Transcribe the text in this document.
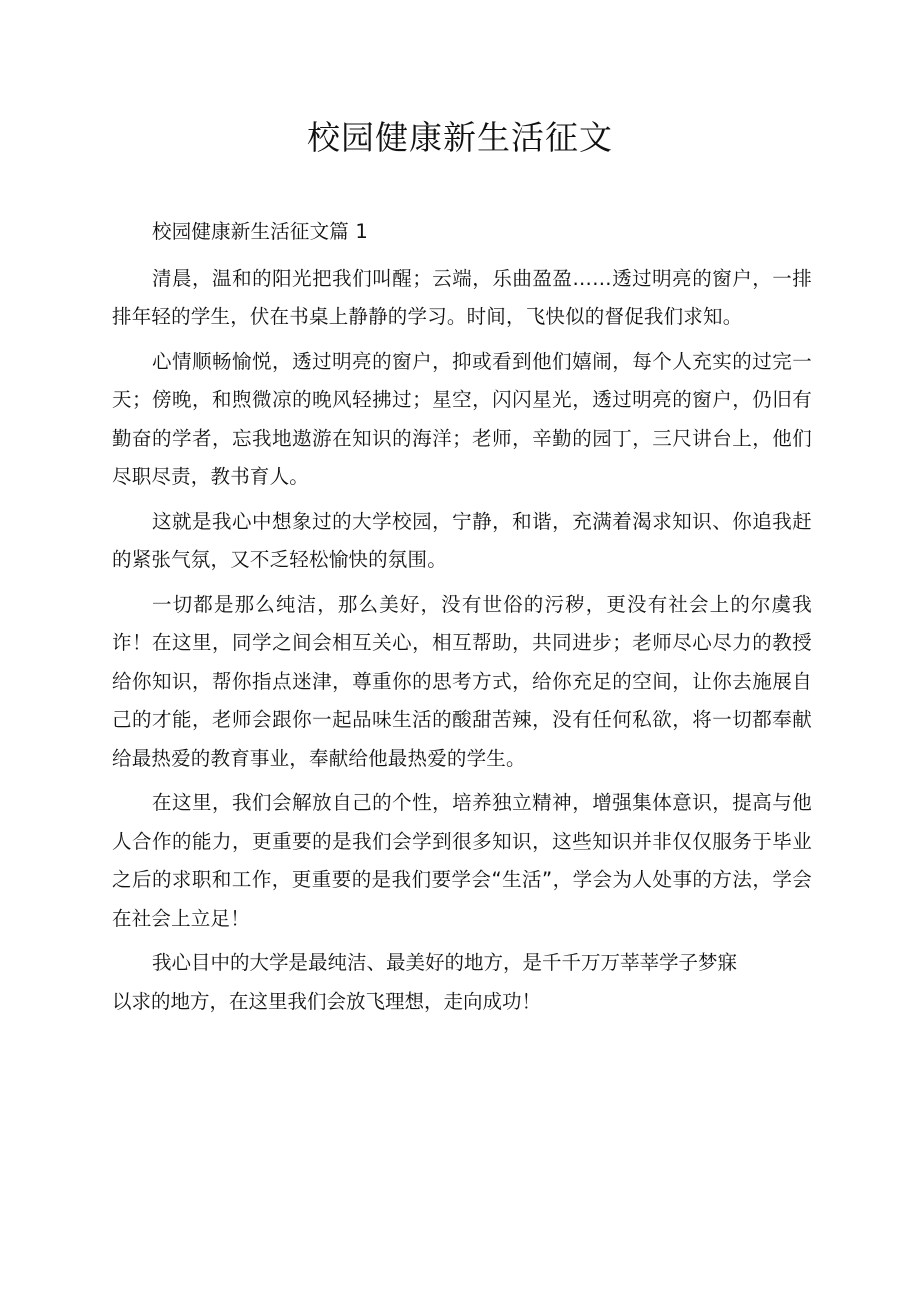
校园健康新生活征文

校园健康新生活征文篇 1

清晨，温和的阳光把我们叫醒；云端，乐曲盈盈……透过明亮的窗户，一排排年轻的学生，伏在书桌上静静的学习。时间，飞快似的督促我们求知。

心情顺畅愉悦，透过明亮的窗户，抑或看到他们嬉闹，每个人充实的过完一天；傍晚，和煦微凉的晚风轻拂过；星空，闪闪星光，透过明亮的窗户，仍旧有勤奋的学者，忘我地遨游在知识的海洋；老师，辛勤的园丁，三尺讲台上，他们尽职尽责，教书育人。

这就是我心中想象过的大学校园，宁静，和谐，充满着渴求知识、你追我赶的紧张气氛，又不乏轻松愉快的氛围。

一切都是那么纯洁，那么美好，没有世俗的污秽，更没有社会上的尔虞我诈！在这里，同学之间会相互关心，相互帮助，共同进步；老师尽心尽力的教授给你知识，帮你指点迷津，尊重你的思考方式，给你充足的空间，让你去施展自己的才能，老师会跟你一起品味生活的酸甜苦辣，没有任何私欲，将一切都奉献给最热爱的教育事业，奉献给他最热爱的学生。

在这里，我们会解放自己的个性，培养独立精神，增强集体意识，提高与他人合作的能力，更重要的是我们会学到很多知识，这些知识并非仅仅服务于毕业之后的求职和工作，更重要的是我们要学会“生活”，学会为人处事的方法，学会在社会上立足！

我心目中的大学是最纯洁、最美好的地方，是千千万万莘莘学子梦寐

以求的地方，在这里我们会放飞理想，走向成功！
